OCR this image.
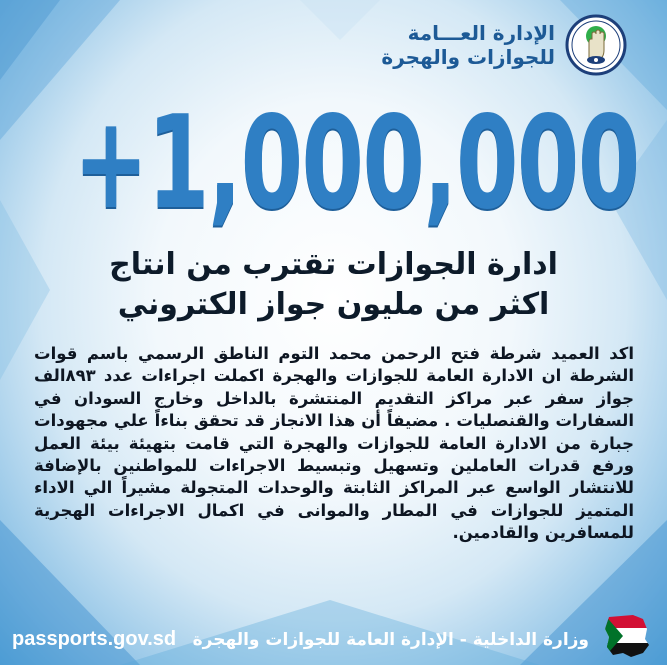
الإدارة العـــامة
للجوازات والهجرة
+1,000,000
ادارة الجوازات تقترب من انتاج
اكثر من مليون جواز الكتروني
اكد العميد شرطة فتح الرحمن محمد التوم الناطق الرسمي باسم قوات الشرطة ان الادارة العامة للجوازات والهجرة اكملت اجراءات عدد ٨٩٣الف جواز سفر عبر مراكز التقديم المنتشرة بالداخل وخارج السودان في السفارات والقنصليات . مضيفاً أن هذا الانجاز قد تحقق بناءاً علي مجهودات جبارة من الادارة العامة للجوازات والهجرة التي قامت بتهيئة بيئة العمل ورفع قدرات العاملين وتسهيل وتبسيط الاجراءات للمواطنين بالإضافة للانتشار الواسع عبر المراكز الثابتة والوحدات المتجولة مشيراً الي الاداء المتميز للجوازات في المطار والموانى في اكمال الاجراءات الهجرية للمسافرين والقادمين.
passports.gov.sd وزارة الداخلية - الإدارة العامة للجوازات والهجرة
